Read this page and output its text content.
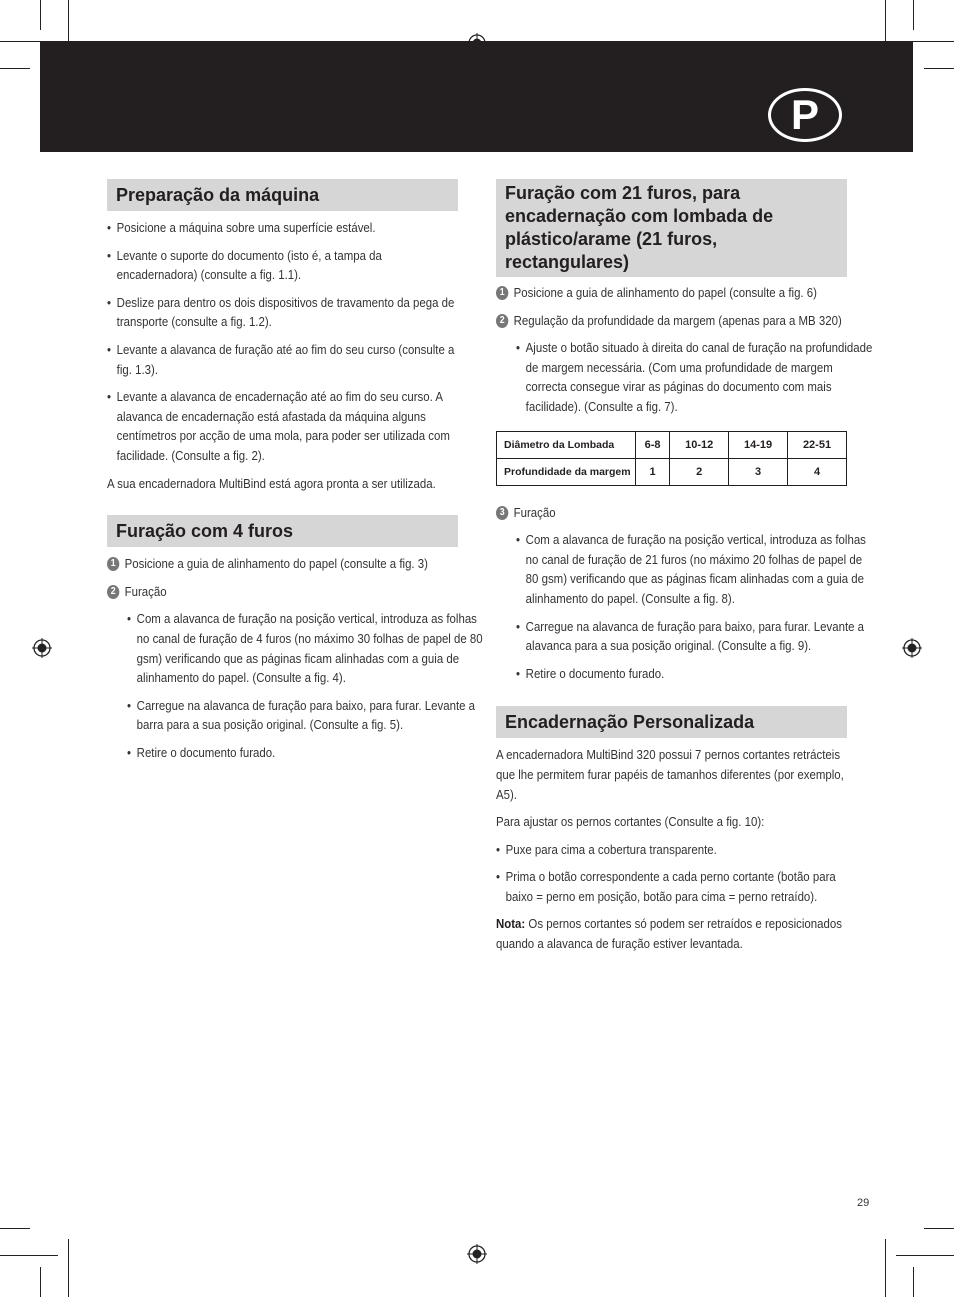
P
Preparação da máquina

• Posicione a máquina sobre uma superfície estável.

• Levante o suporte do documento (isto é, a tampa da encadernadora) (consulte a fig. 1.1).

• Deslize para dentro os dois dispositivos de travamento da pega de transporte (consulte a fig. 1.2).

• Levante a alavanca de furação até ao fim do seu curso (consulte a fig. 1.3).

• Levante a alavanca de encadernação até ao fim do seu curso. A alavanca de encadernação está afastada da máquina alguns centímetros por acção de uma mola, para poder ser utilizada com facilidade. (Consulte a fig. 2).

A sua encadernadora MultiBind está agora pronta a ser utilizada.

Furação com 4 furos

1 Posicione a guia de alinhamento do papel (consulte a fig. 3)

2 Furação

• Com a alavanca de furação na posição vertical, introduza as folhas no canal de furação de 4 furos (no máximo 30 folhas de papel de 80 gsm) verificando que as páginas ficam alinhadas com a guia de alinhamento do papel. (Consulte a fig. 4).

• Carregue na alavanca de furação para baixo, para furar. Levante a barra para a sua posição original. (Consulte a fig. 5).

• Retire o documento furado.

Furação com 21 furos, para encadernação com lombada de plástico/arame (21 furos, rectangulares)

1 Posicione a guia de alinhamento do papel (consulte a fig. 6)

2 Regulação da profundidade da margem (apenas para a MB 320)

• Ajuste o botão situado à direita do canal de furação na profundidade de margem necessária. (Com uma profundidade de margem correcta consegue virar as páginas do documento com mais facilidade). (Consulte a fig. 7).

Diâmetro da Lombada	6-8	10-12	14-19	22-51
Profundidade da margem	1	2	3	4

3 Furação

• Com a alavanca de furação na posição vertical, introduza as folhas no canal de furação de 21 furos (no máximo 20 folhas de papel de 80 gsm) verificando que as páginas ficam alinhadas com a guia de alinhamento do papel. (Consulte a fig. 8).

• Carregue na alavanca de furação para baixo, para furar. Levante a alavanca para a sua posição original. (Consulte a fig. 9).

• Retire o documento furado.

Encadernação Personalizada

A encadernadora MultiBind 320 possui 7 pernos cortantes retrácteis que lhe permitem furar papéis de tamanhos diferentes (por exemplo, A5).

Para ajustar os pernos cortantes (Consulte a fig. 10):

• Puxe para cima a cobertura transparente.

• Prima o botão correspondente a cada perno cortante (botão para baixo = perno em posição, botão para cima = perno retraído).

Nota: Os pernos cortantes só podem ser retraídos e reposicionados quando a alavanca de furação estiver levantada.

29
